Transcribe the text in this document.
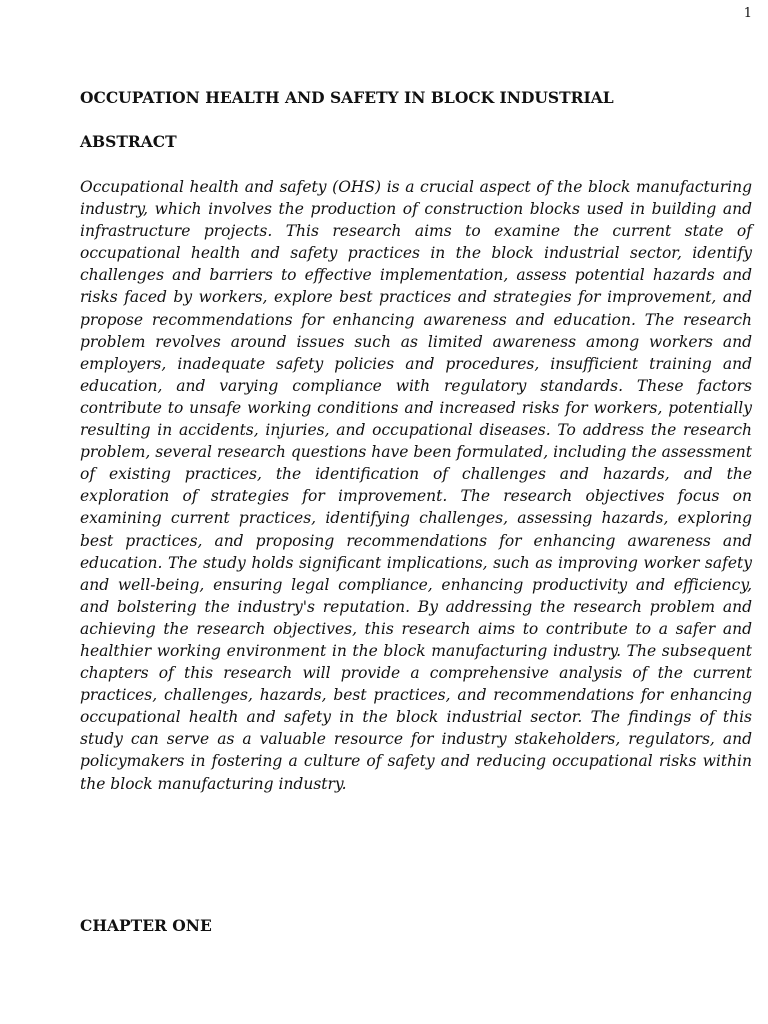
1
OCCUPATION HEALTH AND SAFETY IN BLOCK INDUSTRIAL
ABSTRACT

Occupational health and safety (OHS) is a crucial aspect of the block manufacturing industry, which involves the production of construction blocks used in building and infrastructure projects. This research aims to examine the current state of occupational health and safety practices in the block industrial sector, identify challenges and barriers to effective implementation, assess potential hazards and risks faced by workers, explore best practices and strategies for improvement, and propose recommendations for enhancing awareness and education. The research problem revolves around issues such as limited awareness among workers and employers, inadequate safety policies and procedures, insufficient training and education, and varying compliance with regulatory standards. These factors contribute to unsafe working conditions and increased risks for workers, potentially resulting in accidents, injuries, and occupational diseases. To address the research problem, several research questions have been formulated, including the assessment of existing practices, the identification of challenges and hazards, and the exploration of strategies for improvement. The research objectives focus on examining current practices, identifying challenges, assessing hazards, exploring best practices, and proposing recommendations for enhancing awareness and education. The study holds significant implications, such as improving worker safety and well-being, ensuring legal compliance, enhancing productivity and efficiency, and bolstering the industry's reputation. By addressing the research problem and achieving the research objectives, this research aims to contribute to a safer and healthier working environment in the block manufacturing industry. The subsequent chapters of this research will provide a comprehensive analysis of the current practices, challenges, hazards, best practices, and recommendations for enhancing occupational health and safety in the block industrial sector. The findings of this study can serve as a valuable resource for industry stakeholders, regulators, and policymakers in fostering a culture of safety and reducing occupational risks within the block manufacturing industry.

CHAPTER ONE
